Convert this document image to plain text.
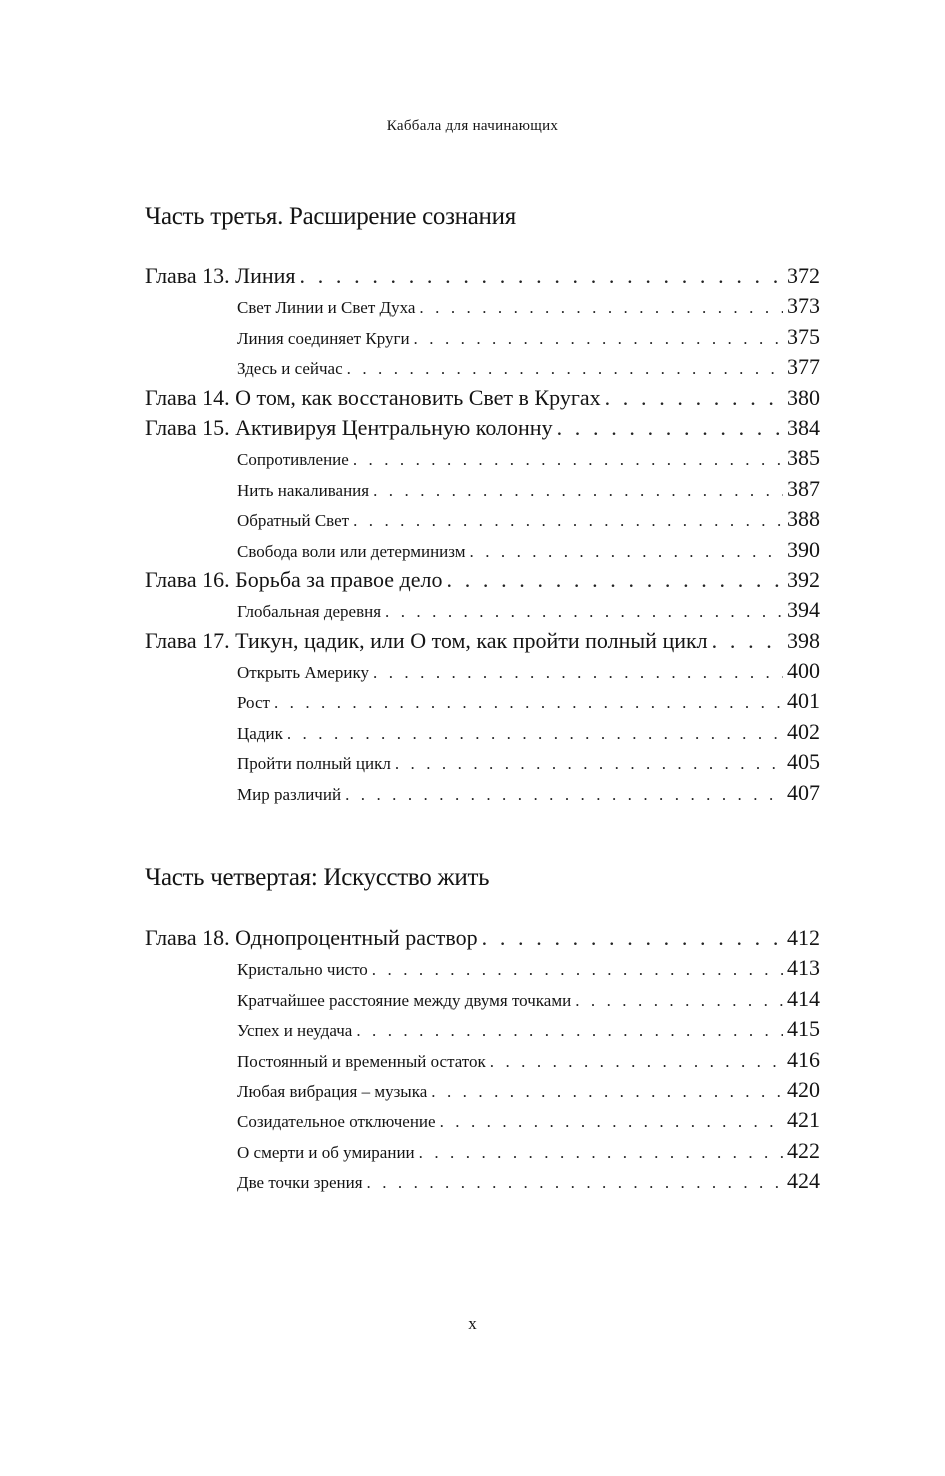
Каббала для начинающих
Часть третья. Расширение сознания
Глава 13. Линия . . .	372
Свет Линии и Свет Духа . . .	373
Линия соединяет Круги . . .	375
Здесь и сейчас . . .	377
Глава 14. О том, как восстановить Свет в Кругах . . .	380
Глава 15. Активируя Центральную колонну . . .	384
Сопротивление . . .	385
Нить накаливания . . .	387
Обратный Свет . . .	388
Свобода воли или детерминизм . . .	390
Глава 16. Борьба за правое дело . . .	392
Глобальная деревня . . .	394
Глава 17. Тикун, цадик, или О том, как пройти полный цикл . . .	398
Открыть Америку . . .	400
Рост . . .	401
Цадик . . .	402
Пройти полный цикл . . .	405
Мир различий . . .	407
Часть четвертая: Искусство жить
Глава 18. Однопроцентный раствор . . .	412
Кристально чисто . . .	413
Кратчайшее расстояние между двумя точками . . .	414
Успех и неудача . . .	415
Постоянный и временный остаток . . .	416
Любая вибрация – музыка . . .	420
Созидательное отключение . . .	421
О смерти и об умирании . . .	422
Две точки зрения . . .	424
x
